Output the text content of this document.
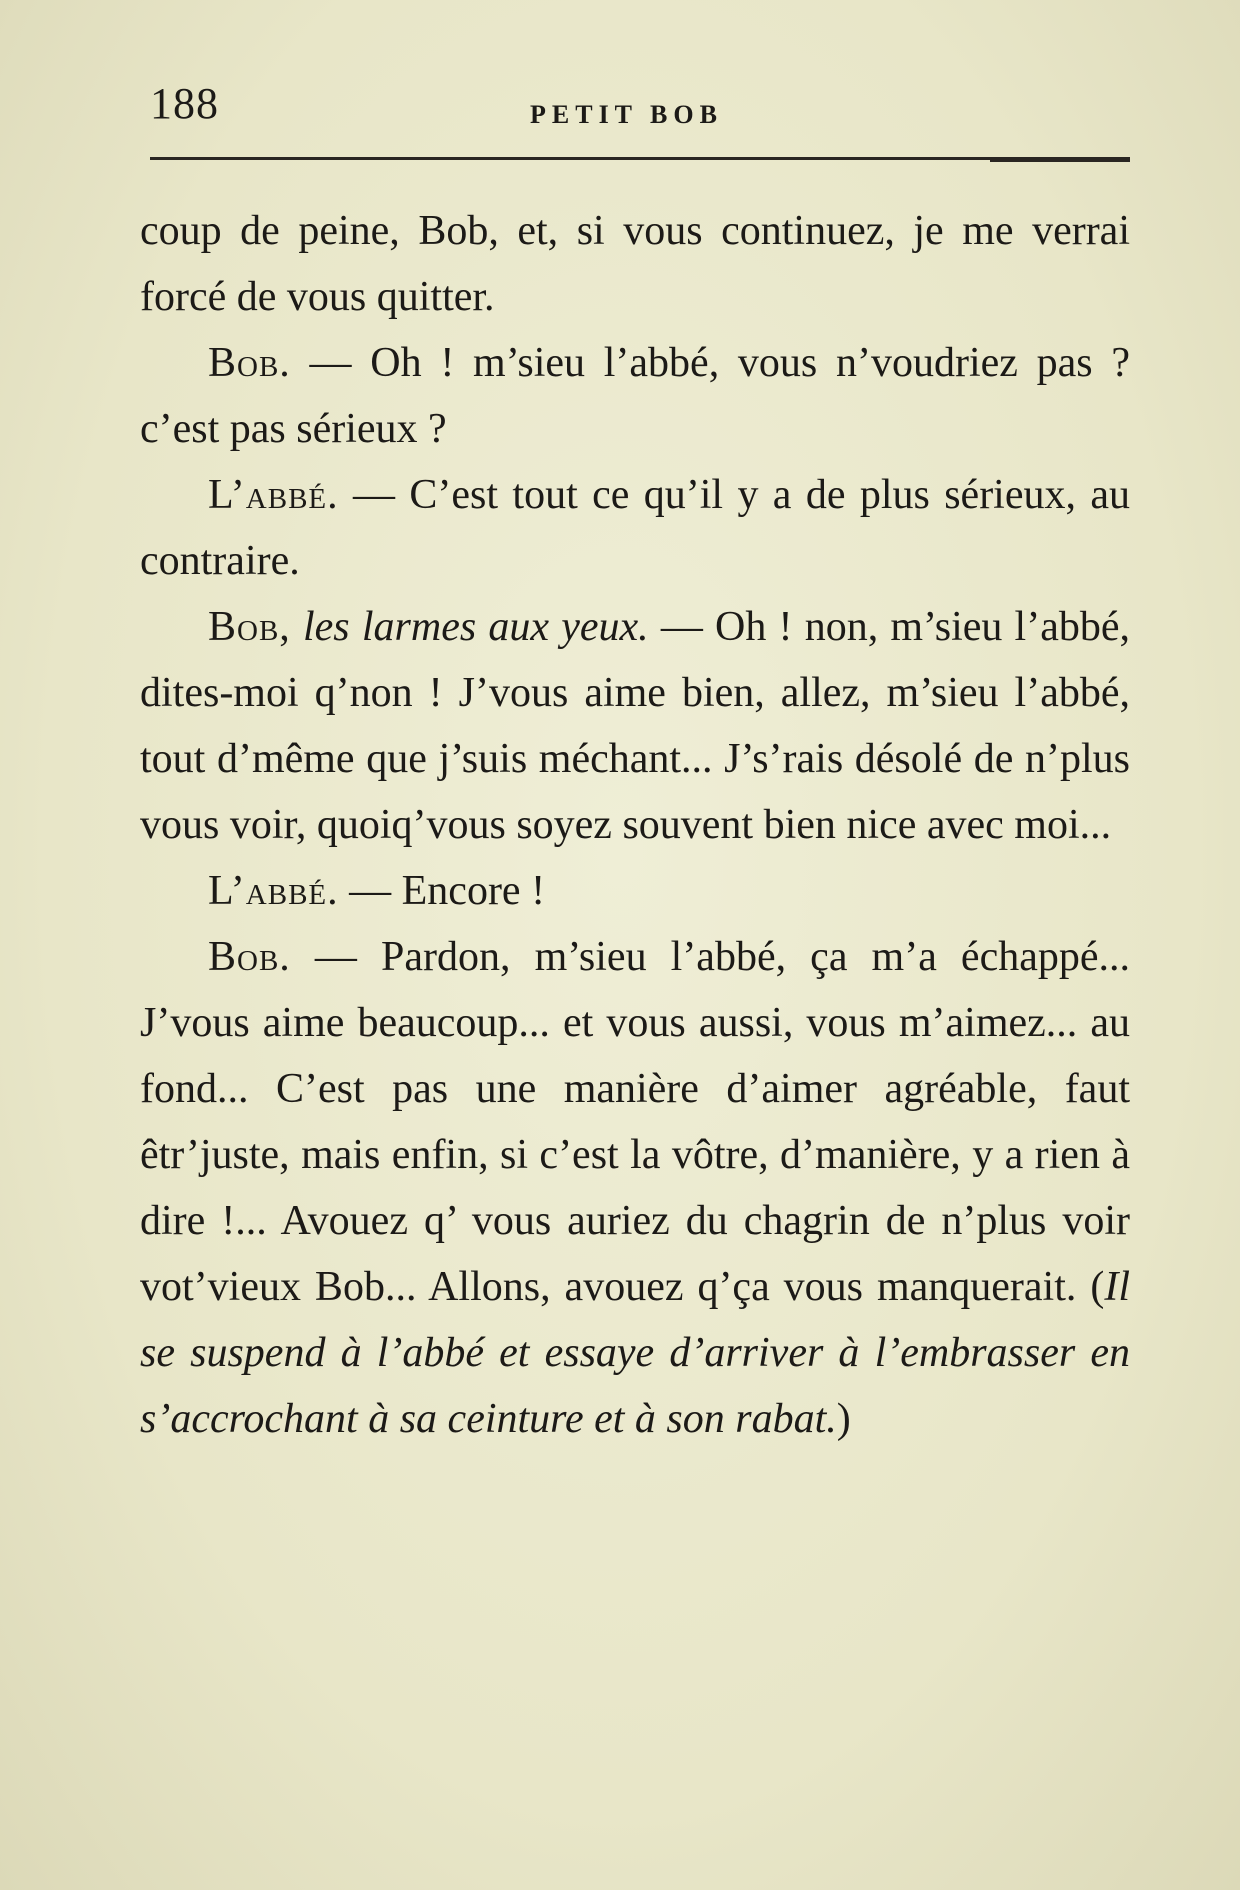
188	PETIT BOB

coup de peine, Bob, et, si vous continuez, je me verrai forcé de vous quitter.

Bob. — Oh ! m’sieu l’abbé, vous n’voudriez pas ? c’est pas sérieux ?

L’abbé. — C’est tout ce qu’il y a de plus sérieux, au contraire.

Bob, les larmes aux yeux. — Oh ! non, m’sieu l’abbé, dites-moi q’non ! J’vous aime bien, allez, m’sieu l’abbé, tout d’même que j’suis méchant... J’s’rais désolé de n’plus vous voir, quoiq’vous soyez souvent bien nice avec moi...

L’abbé. — Encore !

Bob. — Pardon, m’sieu l’abbé, ça m’a échappé... J’vous aime beaucoup... et vous aussi, vous m’aimez... au fond... C’est pas une manière d’aimer agréable, faut êtr’juste, mais enfin, si c’est la vôtre, d’manière, y a rien à dire !... Avouez q’ vous auriez du chagrin de n’plus voir vot’vieux Bob... Allons, avouez q’ça vous manquerait. (Il se suspend à l’abbé et essaye d’arriver à l’embrasser en s’accrochant à sa ceinture et à son rabat.)
